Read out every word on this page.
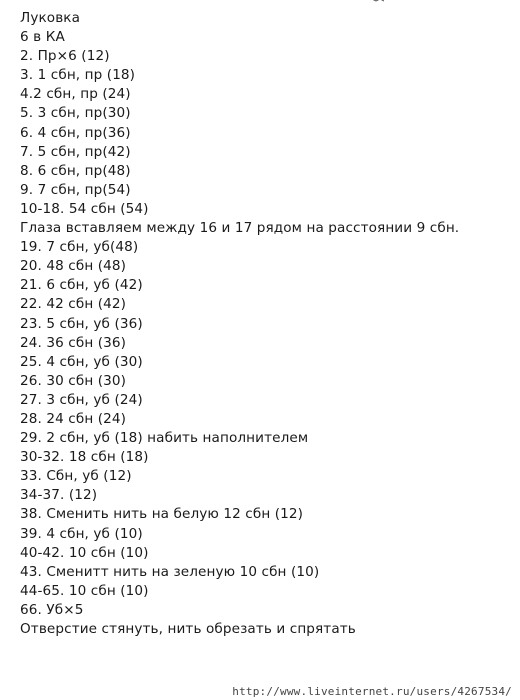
Луковка
6 в КА
2. Пр×6 (12)
3. 1 сбн, пр (18)
4.2 сбн, пр (24)
5. 3 сбн, пр(30)
6. 4 сбн, пр(36)
7. 5 сбн, пр(42)
8. 6 сбн, пр(48)
9. 7 сбн, пр(54)
10-18. 54 сбн (54)
Глаза вставляем между 16 и 17 рядом на расстоянии 9 сбн.
19. 7 сбн, уб(48)
20. 48 сбн (48)
21. 6 сбн, уб (42)
22. 42 сбн (42)
23. 5 сбн, уб (36)
24. 36 сбн (36)
25. 4 сбн, уб (30)
26. 30 сбн (30)
27. 3 сбн, уб (24)
28. 24 сбн (24)
29. 2 сбн, уб (18) набить наполнителем
30-32. 18 сбн (18)
33. Сбн, уб (12)
34-37. (12)
38. Сменить нить на белую 12 сбн (12)
39. 4 сбн, уб (10)
40-42. 10 сбн (10)
43. Сменитт нить на зеленую 10 сбн (10)
44-65. 10 сбн (10)
66. Уб×5
Отверстие стянуть, нить обрезать и спрятать
http://www.liveinternet.ru/users/4267534/
